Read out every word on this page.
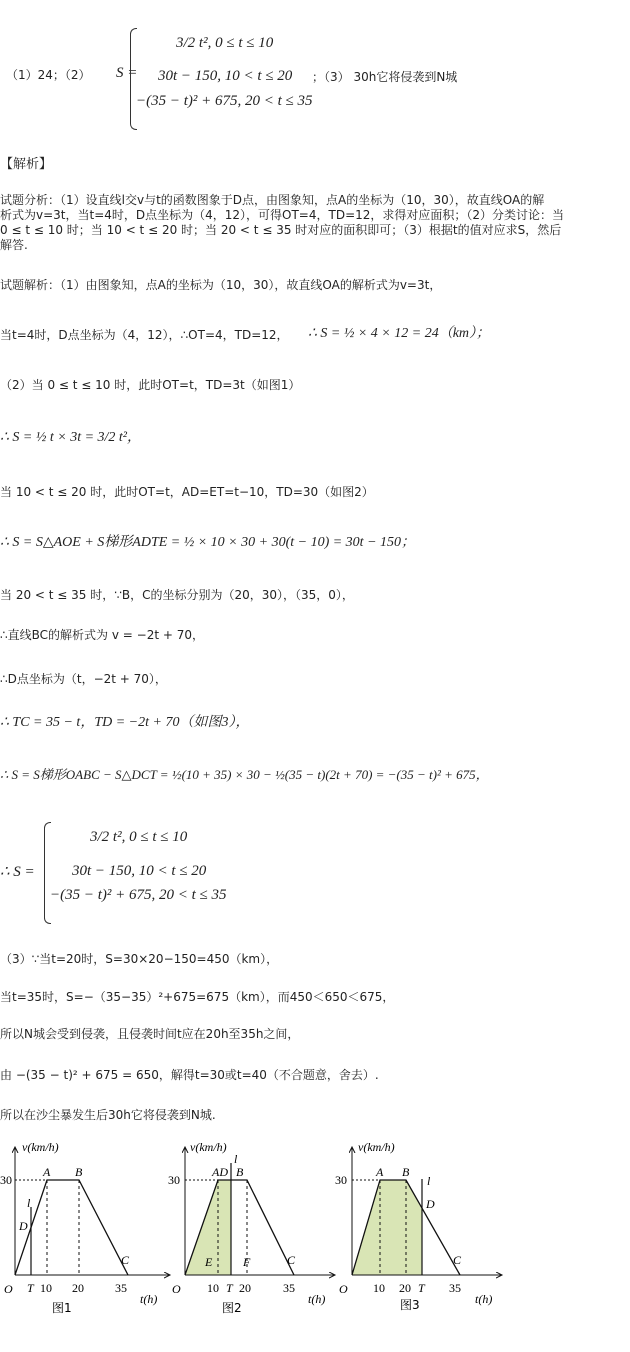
（1）24；（2） S =
3/2 t², 0 ≤ t ≤ 10
30t − 150, 10 < t ≤ 20
−(35 − t)² + 675, 20 < t ≤ 35
；（3） 30h它将侵袭到N城
【解析】
试题分析：（1）设直线l交v与t的函数图象于D点，由图象知，点A的坐标为（10，30），故直线OA的解
析式为v=3t，当t=4时，D点坐标为（4，12），可得OT=4，TD=12，求得对应面积；（2）分类讨论：当
0 ≤ t ≤ 10 时；当 10 < t ≤ 20 时；当 20 < t ≤ 35 时对应的面积即可；（3）根据t的值对应求S，然后
解答.
试题解析：（1）由图象知，点A的坐标为（10，30），故直线OA的解析式为v=3t，
当t=4时，D点坐标为（4，12），∴OT=4，TD=12， ∴ S = ½ × 4 × 12 = 24（km）；
（2）当 0 ≤ t ≤ 10 时，此时OT=t，TD=3t（如图1）
∴ S = ½ t × 3t = 3/2 t²，
当 10 < t ≤ 20 时，此时OT=t，AD=ET=t−10，TD=30（如图2）
∴ S = S△AOE + S梯形ADTE = ½ × 10 × 30 + 30(t − 10) = 30t − 150；
当 20 < t ≤ 35 时，∵B，C的坐标分别为（20，30），（35，0），
∴直线BC的解析式为 v = −2t + 70，
∴D点坐标为（t，−2t + 70），
∴ TC = 35 − t，TD = −2t + 70（如图3），
∴ S = S梯形OABC − S△DCT = ½(10 + 35) × 30 − ½(35 − t)(2t + 70) = −(35 − t)² + 675，
∴ S =
3/2 t², 0 ≤ t ≤ 10
30t − 150, 10 < t ≤ 20
−(35 − t)² + 675, 20 < t ≤ 35
（3）∵当t=20时，S=30×20−150=450（km），
当t=35时，S=−（35−35）²+675=675（km），而450＜650＜675，
所以N城会受到侵袭，且侵袭时间t应在20h至35h之间，
由 −(35 − t)² + 675 = 650，解得t=30或t=40（不合题意，舍去）.
所以在沙尘暴发生后30h它将侵袭到N城.
v(km/h)
t(h)
30
O
A B
C
D
l
T 10 20	35
图1
v(km/h)
t(h)
30
O
AD B
l
C
E	F
T
10 20	35
图2
v(km/h)
t(h)
30
O
A B
l
D
C
T
10 20	35
图3
